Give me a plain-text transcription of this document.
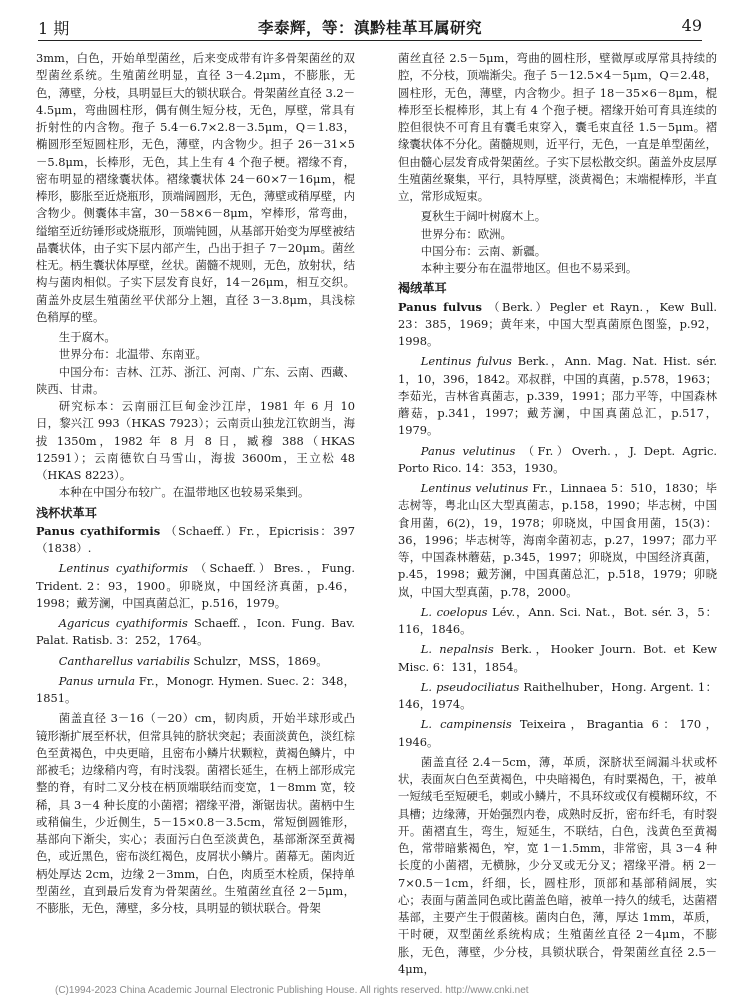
1 期	李泰辉，等：滇黔桂革耳属研究	49

3mm，白色，开始单型菌丝，后来变成带有许多骨架菌丝的双型菌丝系统。生殖菌丝明显，直径 3－4.2μm，不膨胀，无色，薄壁，分枝，具明显巨大的锁状联合。骨架菌丝直径 3.2－4.5μm，弯曲圆柱形，偶有侧生短分枝，无色，厚壁，常具有折射性的内含物。孢子 5.4－6.7×2.8－3.5μm，Q＝1.83，椭圆形至短圆柱形，无色，薄壁，内含物少。担子 26－31×5－5.8μm，长棒形，无色，其上生有 4 个孢子梗。褶缘不育，密布明显的褶缘囊状体。褶缘囊状体 24－60×7－16μm，棍棒形，膨胀至近烧瓶形，顶端阔圆形，无色，薄壁或稍厚壁，内含物少。侧囊体丰富，30－58×6－8μm，窄棒形，常弯曲，缢缩至近纺锤形或烧瓶形，顶端钝圆，从基部开始变为厚壁被结晶囊状体，由子实下层内部产生，凸出于担子 7－20μm。菌丝柱无。柄生囊状体厚壁，丝状。菌髓不规则，无色，放射状，结构与菌肉相似。子实下层发育良好，14－26μm，相互交织。菌盖外皮层生殖菌丝平伏部分上翘，直径 3－3.8μm，具浅棕色稍厚的壁。

生于腐木。

世界分布：北温带、东南亚。

中国分布：吉林、江苏、浙江、河南、广东、云南、西藏、陕西、甘肃。

研究标本：云南丽江巨甸金沙江岸，1981 年 6 月 10 日，黎兴江 993（HKAS 7923）；云南贡山独龙江钦朗当，海拔 1350m，1982 年 8 月 8 日，臧穆 388（HKAS 12591）；云南德钦白马雪山，海拔 3600m，王立松 48（HKAS 8223）。

本种在中国分布较广。在温带地区也较易采集到。

浅杯状革耳

Panus cyathiformis （Schaeff.）Fr.，Epicrisis：397（1838）.

Lentinus cyathiformis （Schaeff.）Bres.，Fung. Trident. 2：93，1900。卯晓岚，中国经济真菌，p.46，1998；戴芳澜，中国真菌总汇，p.516，1979。

Agaricus cyathiformis Schaeff.，Icon. Fung. Bav. Palat. Ratisb. 3：252，1764。

Cantharellus variabilis Schulzr，MSS，1869。

Panus urnula Fr.，Monogr. Hymen. Suec. 2：348，1851。

菌盖直径 3－16（－20）cm，韧肉质，开始半球形或凸镜形渐扩展至杯状，但常具钝的脐状突起；表面淡黄色，淡红棕色至黄褐色，中央更暗，且密布小鳞片状颗粒，黄褐色鳞片，中部被毛；边缘稍内弯，有时浅裂。菌褶长延生，在柄上部形成完整的脊，有时二叉分枝在柄顶端联结而变宽，1－8mm 宽，较稀，具 3－4 种长度的小菌褶；褶缘平滑，渐锯齿状。菌柄中生或稍偏生，少近侧生，5－15×0.8－3.5cm，常短倒圆锥形，基部向下渐尖，实心；表面污白色至淡黄色，基部渐深至黄褐色，或近黑色，密布淡红褐色，皮屑状小鳞片。菌幕无。菌肉近柄处厚达 2cm，边缘 2－3mm，白色，肉质至木栓质，保持单型菌丝，直到最后发育为骨架菌丝。生殖菌丝直径 2－5μm，不膨胀，无色，薄壁，多分枝，具明显的锁状联合。骨架

菌丝直径 2.5－5μm，弯曲的圆柱形，壁微厚或厚常具持续的腔，不分枝，顶端渐尖。孢子 5－12.5×4－5μm，Q＝2.48，圆柱形，无色，薄壁，内含物少。担子 18－35×6－8μm，棍棒形至长棍棒形，其上有 4 个孢子梗。褶缘开始可育具连续的腔但很快不可育且有囊毛束穿入，囊毛束直径 1.5－5μm。褶缘囊状体不分化。菌髓规则，近平行，无色，一直是单型菌丝，但由髓心层发育成骨架菌丝。子实下层松散交织。菌盖外皮层厚生殖菌丝聚集，平行，具特厚壁，淡黄褐色；末端棍棒形，半直立，常形成短束。

夏秋生于阔叶树腐木上。

世界分布：欧洲。

中国分布：云南、新疆。

本种主要分布在温带地区。但也不易采到。

褐绒革耳

Panus fulvus （Berk.）Pegler et Rayn.，Kew Bull. 23：385，1969；黄年来，中国大型真菌原色图鉴，p.92，1998。

Lentinus fulvus Berk.，Ann. Mag. Nat. Hist. sér. 1，10，396，1842。邓叔群，中国的真菌，p.578，1963；李茹光，吉林省真菌志，p.339，1991；邵力平等，中国森林蘑菇，p.341，1997；戴芳澜，中国真菌总汇，p.517，1979。

Panus velutinus （Fr.）Overh.，J. Dept. Agric. Porto Rico. 14：353，1930。

Lentinus velutinus Fr.，Linnaea 5：510，1830；毕志树等，粤北山区大型真菌志，p.158，1990；毕志树，中国食用菌，6(2)，19，1978；卯晓岚，中国食用菌，15(3)：36，1996；毕志树等，海南伞菌初志，p.27，1997；邵力平等，中国森林蘑菇，p.345，1997；卯晓岚，中国经济真菌，p.45，1998；戴芳澜，中国真菌总汇，p.518，1979；卯晓岚，中国大型真菌，p.78，2000。

L. coelopus Lév.，Ann. Sci. Nat.，Bot. sér. 3，5：116，1846。

L. nepalnsis Berk.，Hooker Journ. Bot. et Kew Misc. 6：131，1854。

L. pseudociliatus Raithelhuber，Hong. Argent. 1：146，1974。

L. campinensis Teixeira，Bragantia 6：170，1946。

菌盖直径 2.4－5cm，薄，革质，深脐状至阔漏斗状或杯状，表面灰白色至黄褐色，中央暗褐色，有时粟褐色，干，被单一短绒毛至短硬毛，刺或小鳞片，不具环纹或仅有模糊环纹，不具槽；边缘薄，开始强烈内卷，成熟时反折，密布纤毛，有时裂开。菌褶直生，弯生，短延生，不联结，白色，浅黄色至黄褐色，常带暗紫褐色，窄，宽 1－1.5mm，非常密，具 3－4 种长度的小菌褶，无横脉，少分叉或无分叉；褶缘平滑。柄 2－7×0.5－1cm，纤细，长，圆柱形，顶部和基部稍阔展，实心；表面与菌盖同色或比菌盖色暗，被单一持久的绒毛，达菌褶基部，主要产生于假菌核。菌肉白色，薄，厚达 1mm，革质，干时硬，双型菌丝系统构成；生殖菌丝直径 2－4μm，不膨胀，无色，薄壁，少分枝，具锁状联合，骨架菌丝直径 2.5－4μm，

(C)1994-2023 China Academic Journal Electronic Publishing House. All rights reserved. http://www.cnki.net
